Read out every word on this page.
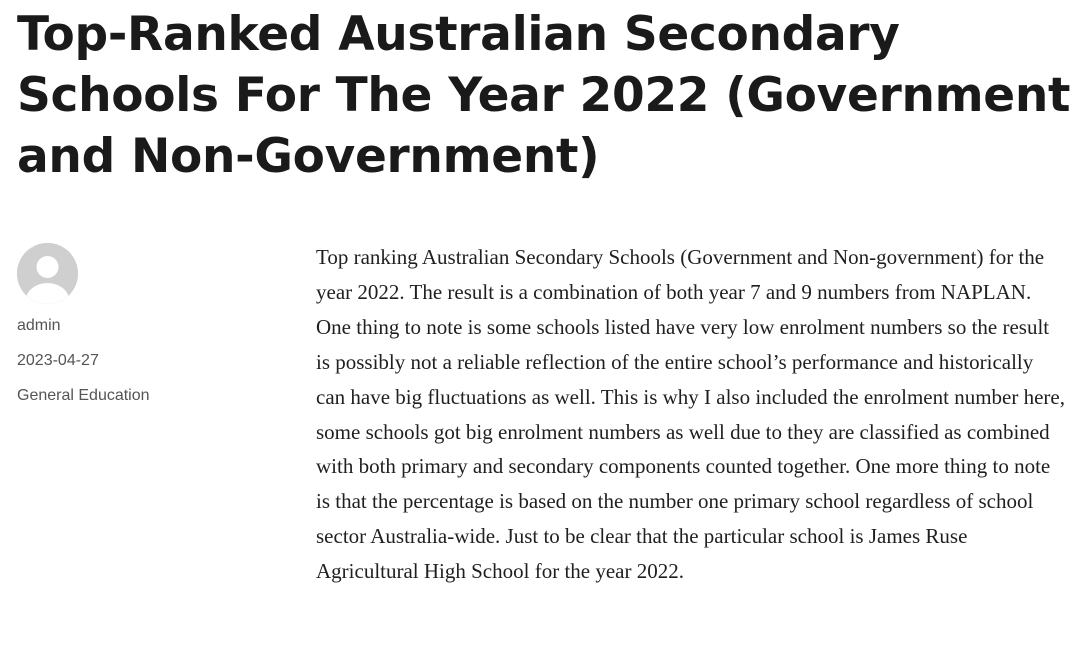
Top-Ranked Australian Secondary Schools For The Year 2022 (Government and Non-Government)
admin
2023-04-27
General Education

Top ranking Australian Secondary Schools (Government and Non-government) for the year 2022. The result is a combination of both year 7 and 9 numbers from NAPLAN. One thing to note is some schools listed have very low enrolment numbers so the result is possibly not a reliable reflection of the entire school’s performance and historically can have big fluctuations as well. This is why I also included the enrolment number here, some schools got big enrolment numbers as well due to they are classified as combined with both primary and secondary components counted together. One more thing to note is that the percentage is based on the number one primary school regardless of school sector Australia-wide. Just to be clear that the particular school is James Ruse Agricultural High School for the year 2022.
